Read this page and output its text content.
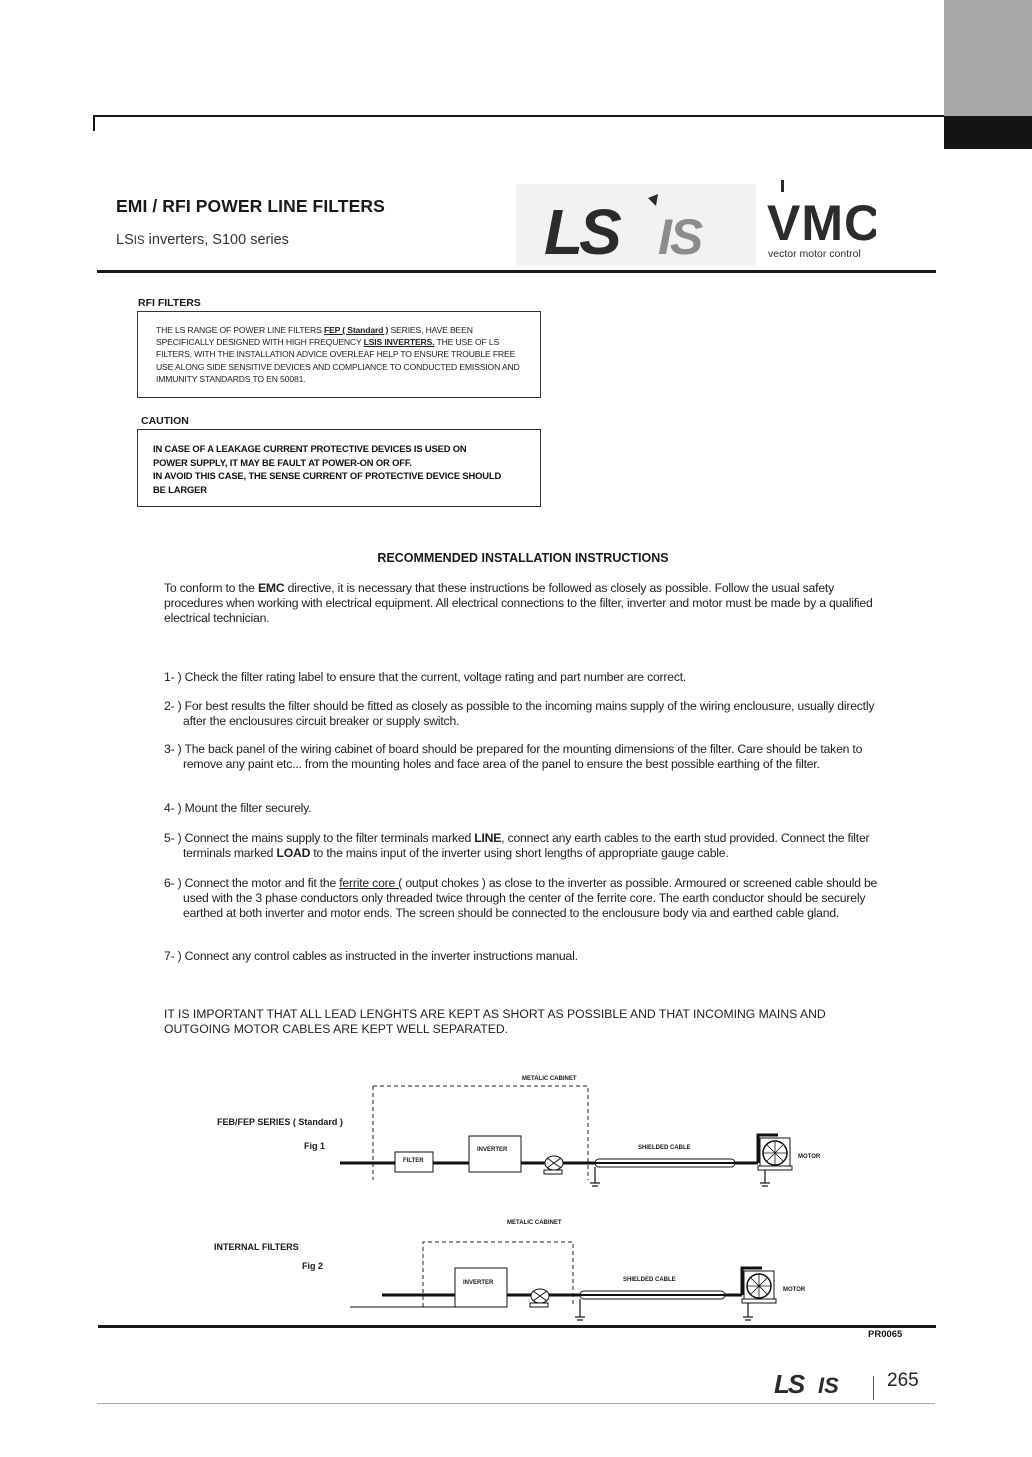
EMI / RFI POWER LINE FILTERS
LSIS inverters, S100 series	LS IS VMC
vector motor control
RFI FILTERS
THE LS RANGE OF POWER LINE FILTERS FEP ( Standard ) SERIES, HAVE BEEN
SPECIFICALLY DESIGNED WITH HIGH FREQUENCY LSIS INVERTERS. THE USE OF LS
FILTERS, WITH THE INSTALLATION ADVICE OVERLEAF HELP TO ENSURE TROUBLE FREE
USE ALONG SIDE SENSITIVE DEVICES AND COMPLIANCE TO CONDUCTED EMISSION AND
IMMUNITY STANDARDS TO EN 50081.
CAUTION
IN CASE OF A LEAKAGE CURRENT PROTECTIVE DEVICES IS USED ON
POWER SUPPLY, IT MAY BE FAULT AT POWER-ON OR OFF.
IN AVOID THIS CASE, THE SENSE CURRENT OF PROTECTIVE DEVICE SHOULD
BE LARGER
RECOMMENDED INSTALLATION INSTRUCTIONS
To conform to the EMC directive, it is necessary that these instructions be followed as closely as possible. Follow the usual safety procedures when working with electrical equipment. All electrical connections to the filter, inverter and motor must be made by a qualified electrical technician.
1- ) Check the filter rating label to ensure that the current, voltage rating and part number are correct.
2- ) For best results the filter should be fitted as closely as possible to the incoming mains supply of the wiring enclousure, usually directly after the enclousures circuit breaker or supply switch.
3- ) The back panel of the wiring cabinet of board should be prepared for the mounting dimensions of the filter. Care should be taken to remove any paint etc... from the mounting holes and face area of the panel to ensure the best possible earthing of the filter.
4- ) Mount the filter securely.
5- ) Connect the mains supply to the filter terminals marked LINE, connect any earth cables to the earth stud provided. Connect the filter terminals marked LOAD to the mains input of the inverter using short lengths of appropriate gauge cable.
6- ) Connect the motor and fit the ferrite core ( output chokes ) as close to the inverter as possible. Armoured or screened cable should be used with the 3 phase conductors only threaded twice through the center of the ferrite core. The earth conductor should be securely earthed at both inverter and motor ends. The screen should be connected to the enclousure body via and earthed cable gland.
7- ) Connect any control cables as instructed in the inverter instructions manual.
IT IS IMPORTANT THAT ALL LEAD LENGHTS ARE KEPT AS SHORT AS POSSIBLE AND THAT INCOMING MAINS AND OUTGOING MOTOR CABLES ARE KEPT WELL SEPARATED.
FEB/FEP SERIES ( Standard )
Fig 1
METALIC CABINET
SHIELDED CABLE
MOTOR
FILTER
INVERTER
INTERNAL FILTERS
Fig 2
METALIC CABINET
SHIELDED CABLE
MOTOR
INVERTER
PR0065
LS IS	265
